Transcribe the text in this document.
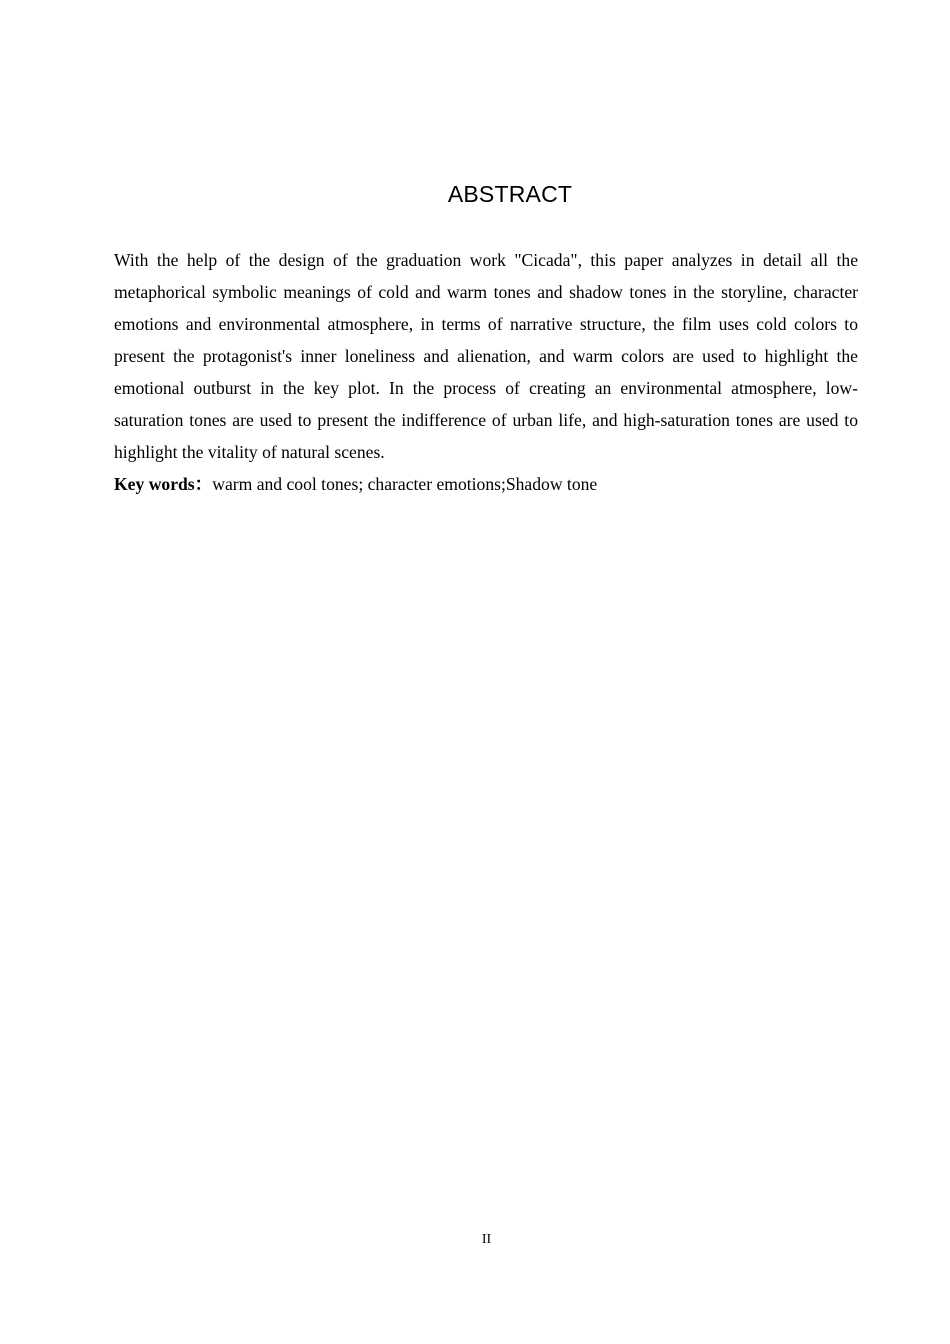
ABSTRACT

With the help of the design of the graduation work "Cicada", this paper analyzes in detail all the metaphorical symbolic meanings of cold and warm tones and shadow tones in the storyline, character emotions and environmental atmosphere, in terms of narrative structure, the film uses cold colors to present the protagonist's inner loneliness and alienation, and warm colors are used to highlight the emotional outburst in the key plot. In the process of creating an environmental atmosphere, low-saturation tones are used to present the indifference of urban life, and high-saturation tones are used to highlight the vitality of natural scenes.

Key words：warm and cool tones; character emotions;Shadow tone

II
